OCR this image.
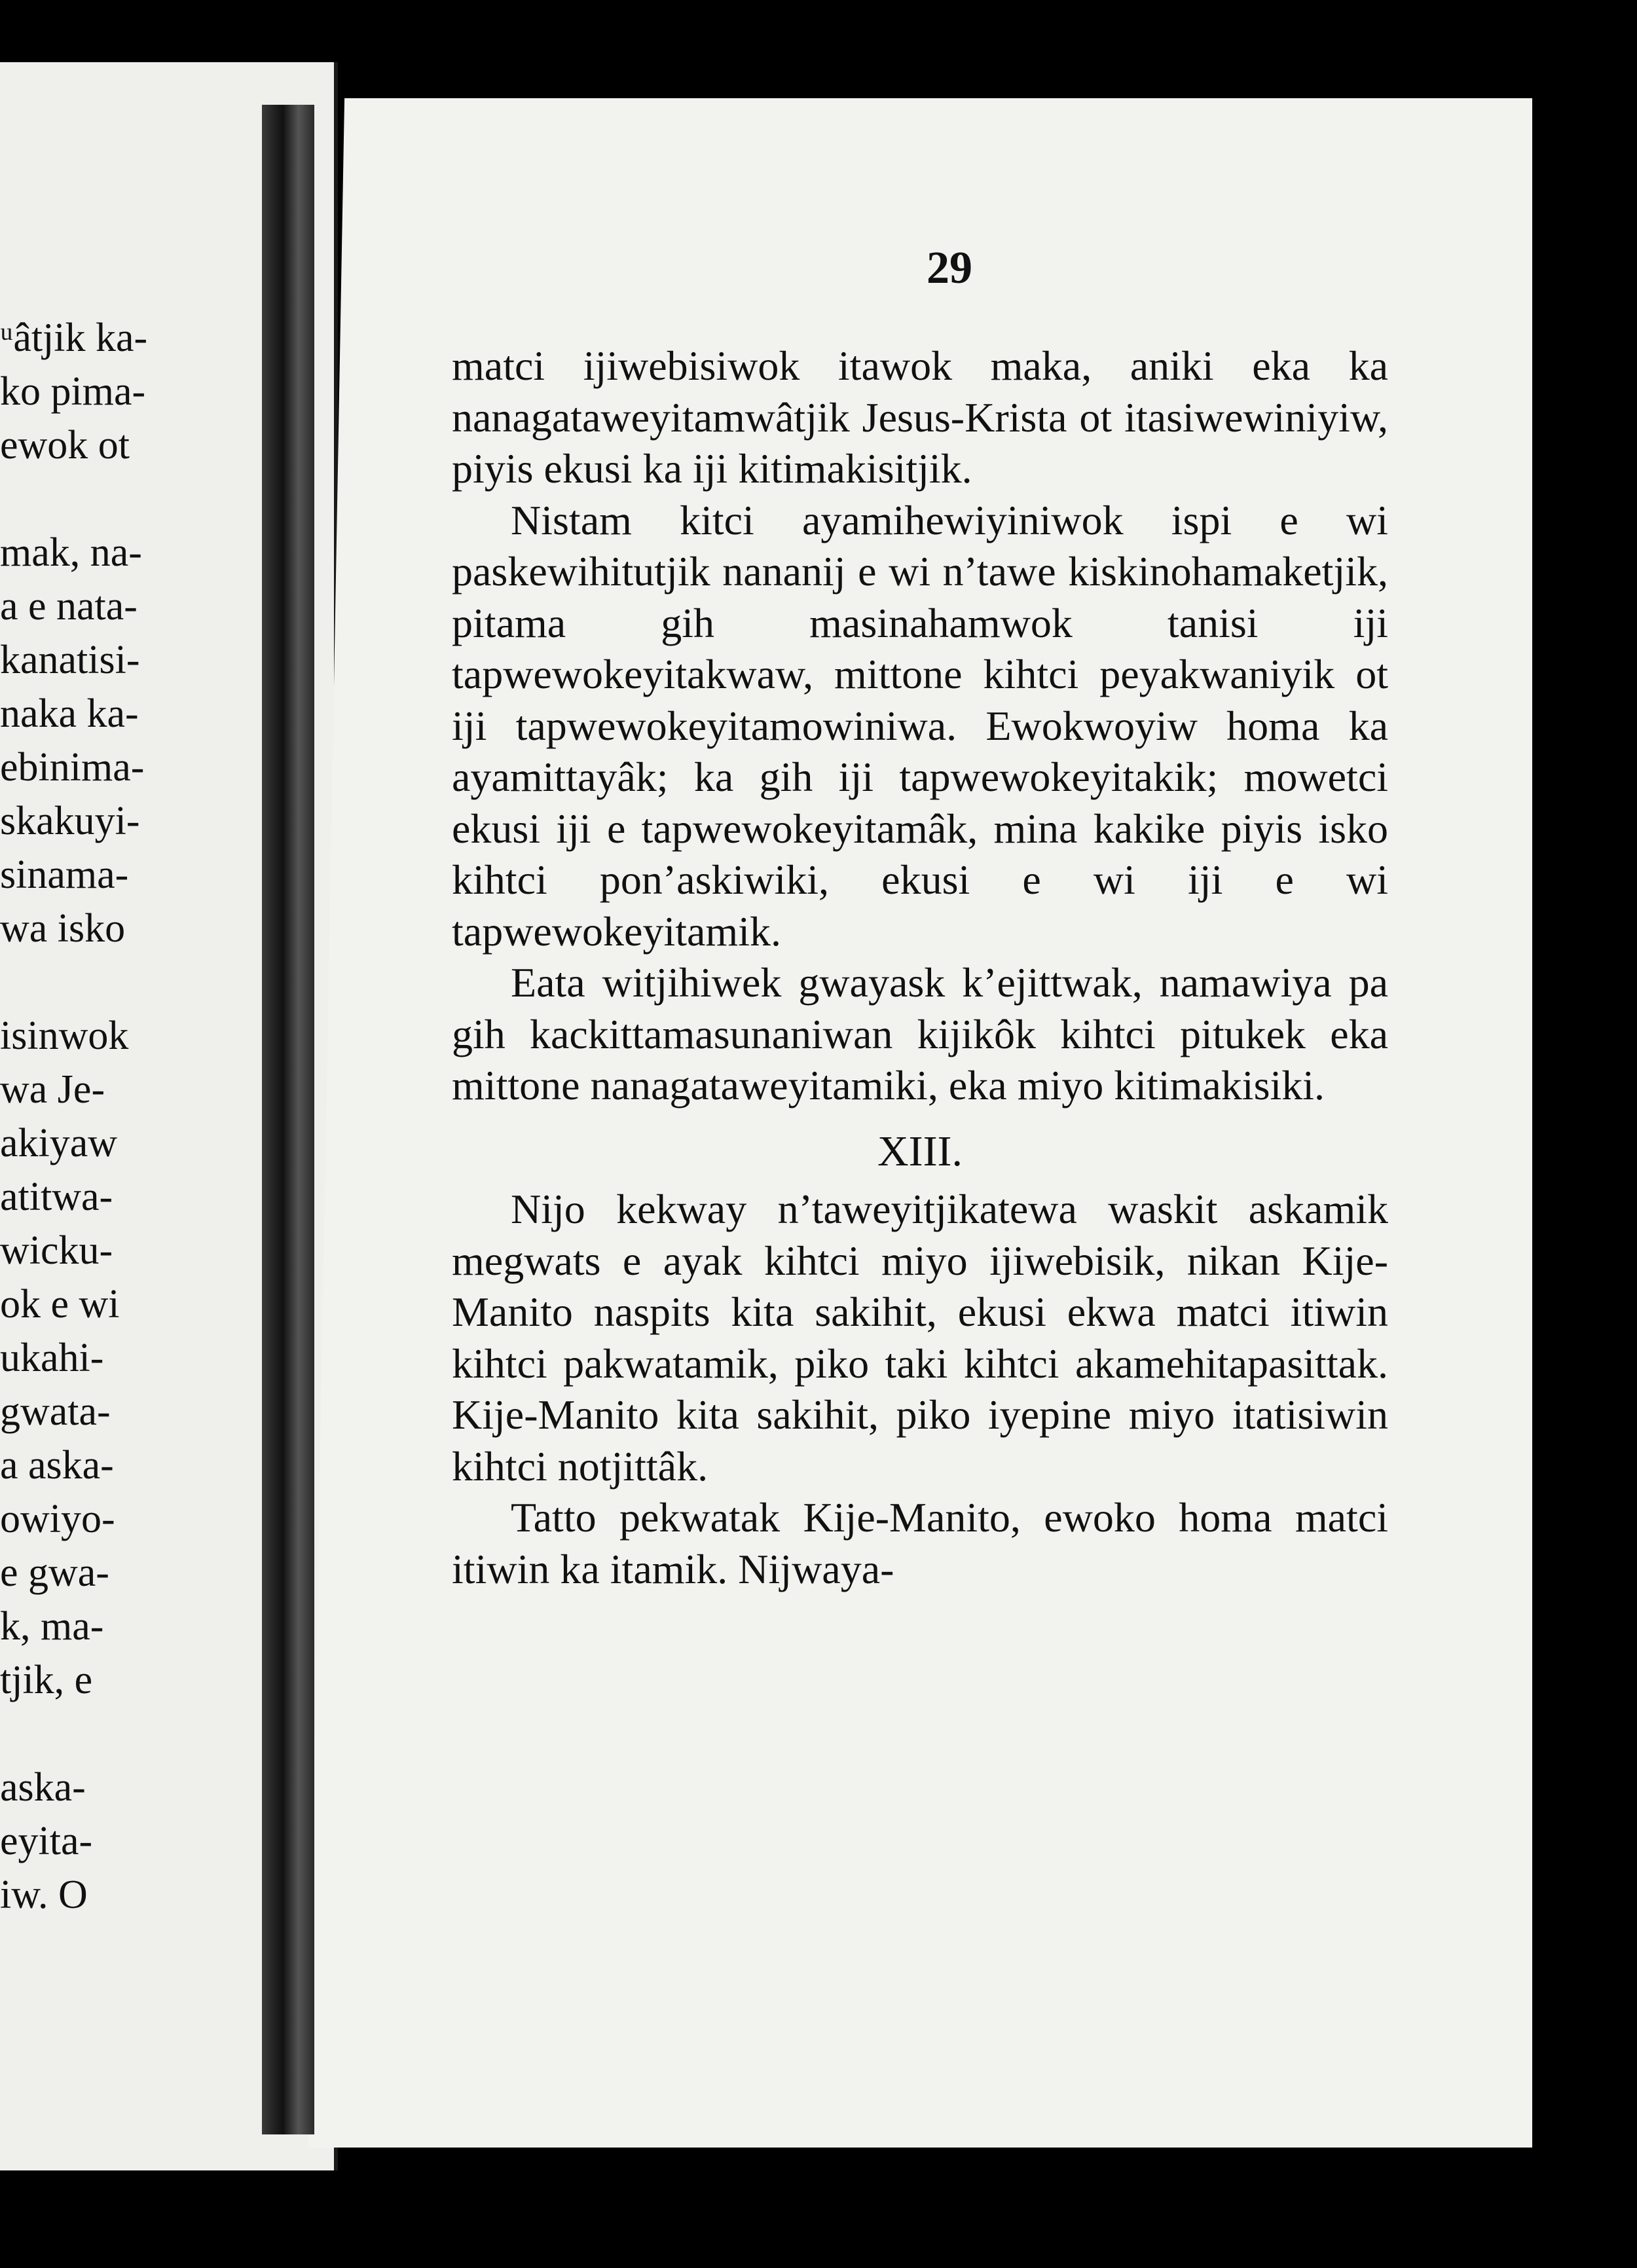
ᵘâtjik ka-
ko pima-
ewok ot
mak, na-
a e nata-
kanatisi-
naka ka-
ebinima-
skakuyi-
sinama-
wa isko
isinwok
wa Je-
akiyaw
atitwa-
wicku-
ok e wi
ukahi-
gwata-
a aska-
owiyo-
e gwa-
k, ma-
tjik, e
aska-
eyita-
iw. O
29

matci ijiwebisiwok itawok maka, aniki eka ka nanagataweyitamwâtjik Jesus-Krista ot itasiwewiniyiw, piyis ekusi ka iji kitimakisitjik.

Nistam kitci ayamihewiyiniwok ispi e wi paskewihitutjik nananij e wi n’tawe kiskinohamaketjik, pitama gih masinahamwok tanisi iji tapwewokeyitakwaw, mittone kihtci peyakwaniyik ot iji tapwewokeyitamowiniwa. Ewokwoyiw homa ka ayamittayâk; ka gih iji tapwewokeyitakik; mowetci ekusi iji e tapwewokeyitamâk, mina kakike piyis isko kihtci pon’askiwiki, ekusi e wi iji e wi tapwewokeyitamik.

Eata witjihiwek gwayask k’ejittwak, namawiya pa gih kackittamasunaniwan kijikôk kihtci pitukek eka mittone nanagataweyitamiki, eka miyo kitimakisiki.

XIII.

Nijo kekway n’taweyitjikatewa waskit askamik megwats e ayak kihtci miyo ijiwebisik, nikan Kije-Manito naspits kita sakihit, ekusi ekwa matci itiwin kihtci pakwatamik, piko taki kihtci akamehitapasittak. Kije-Manito kita sakihit, piko iyepine miyo itatisiwin kihtci notjittâk.

Tatto pekwatak Kije-Manito, ewoko homa matci itiwin ka itamik. Nijwaya-
